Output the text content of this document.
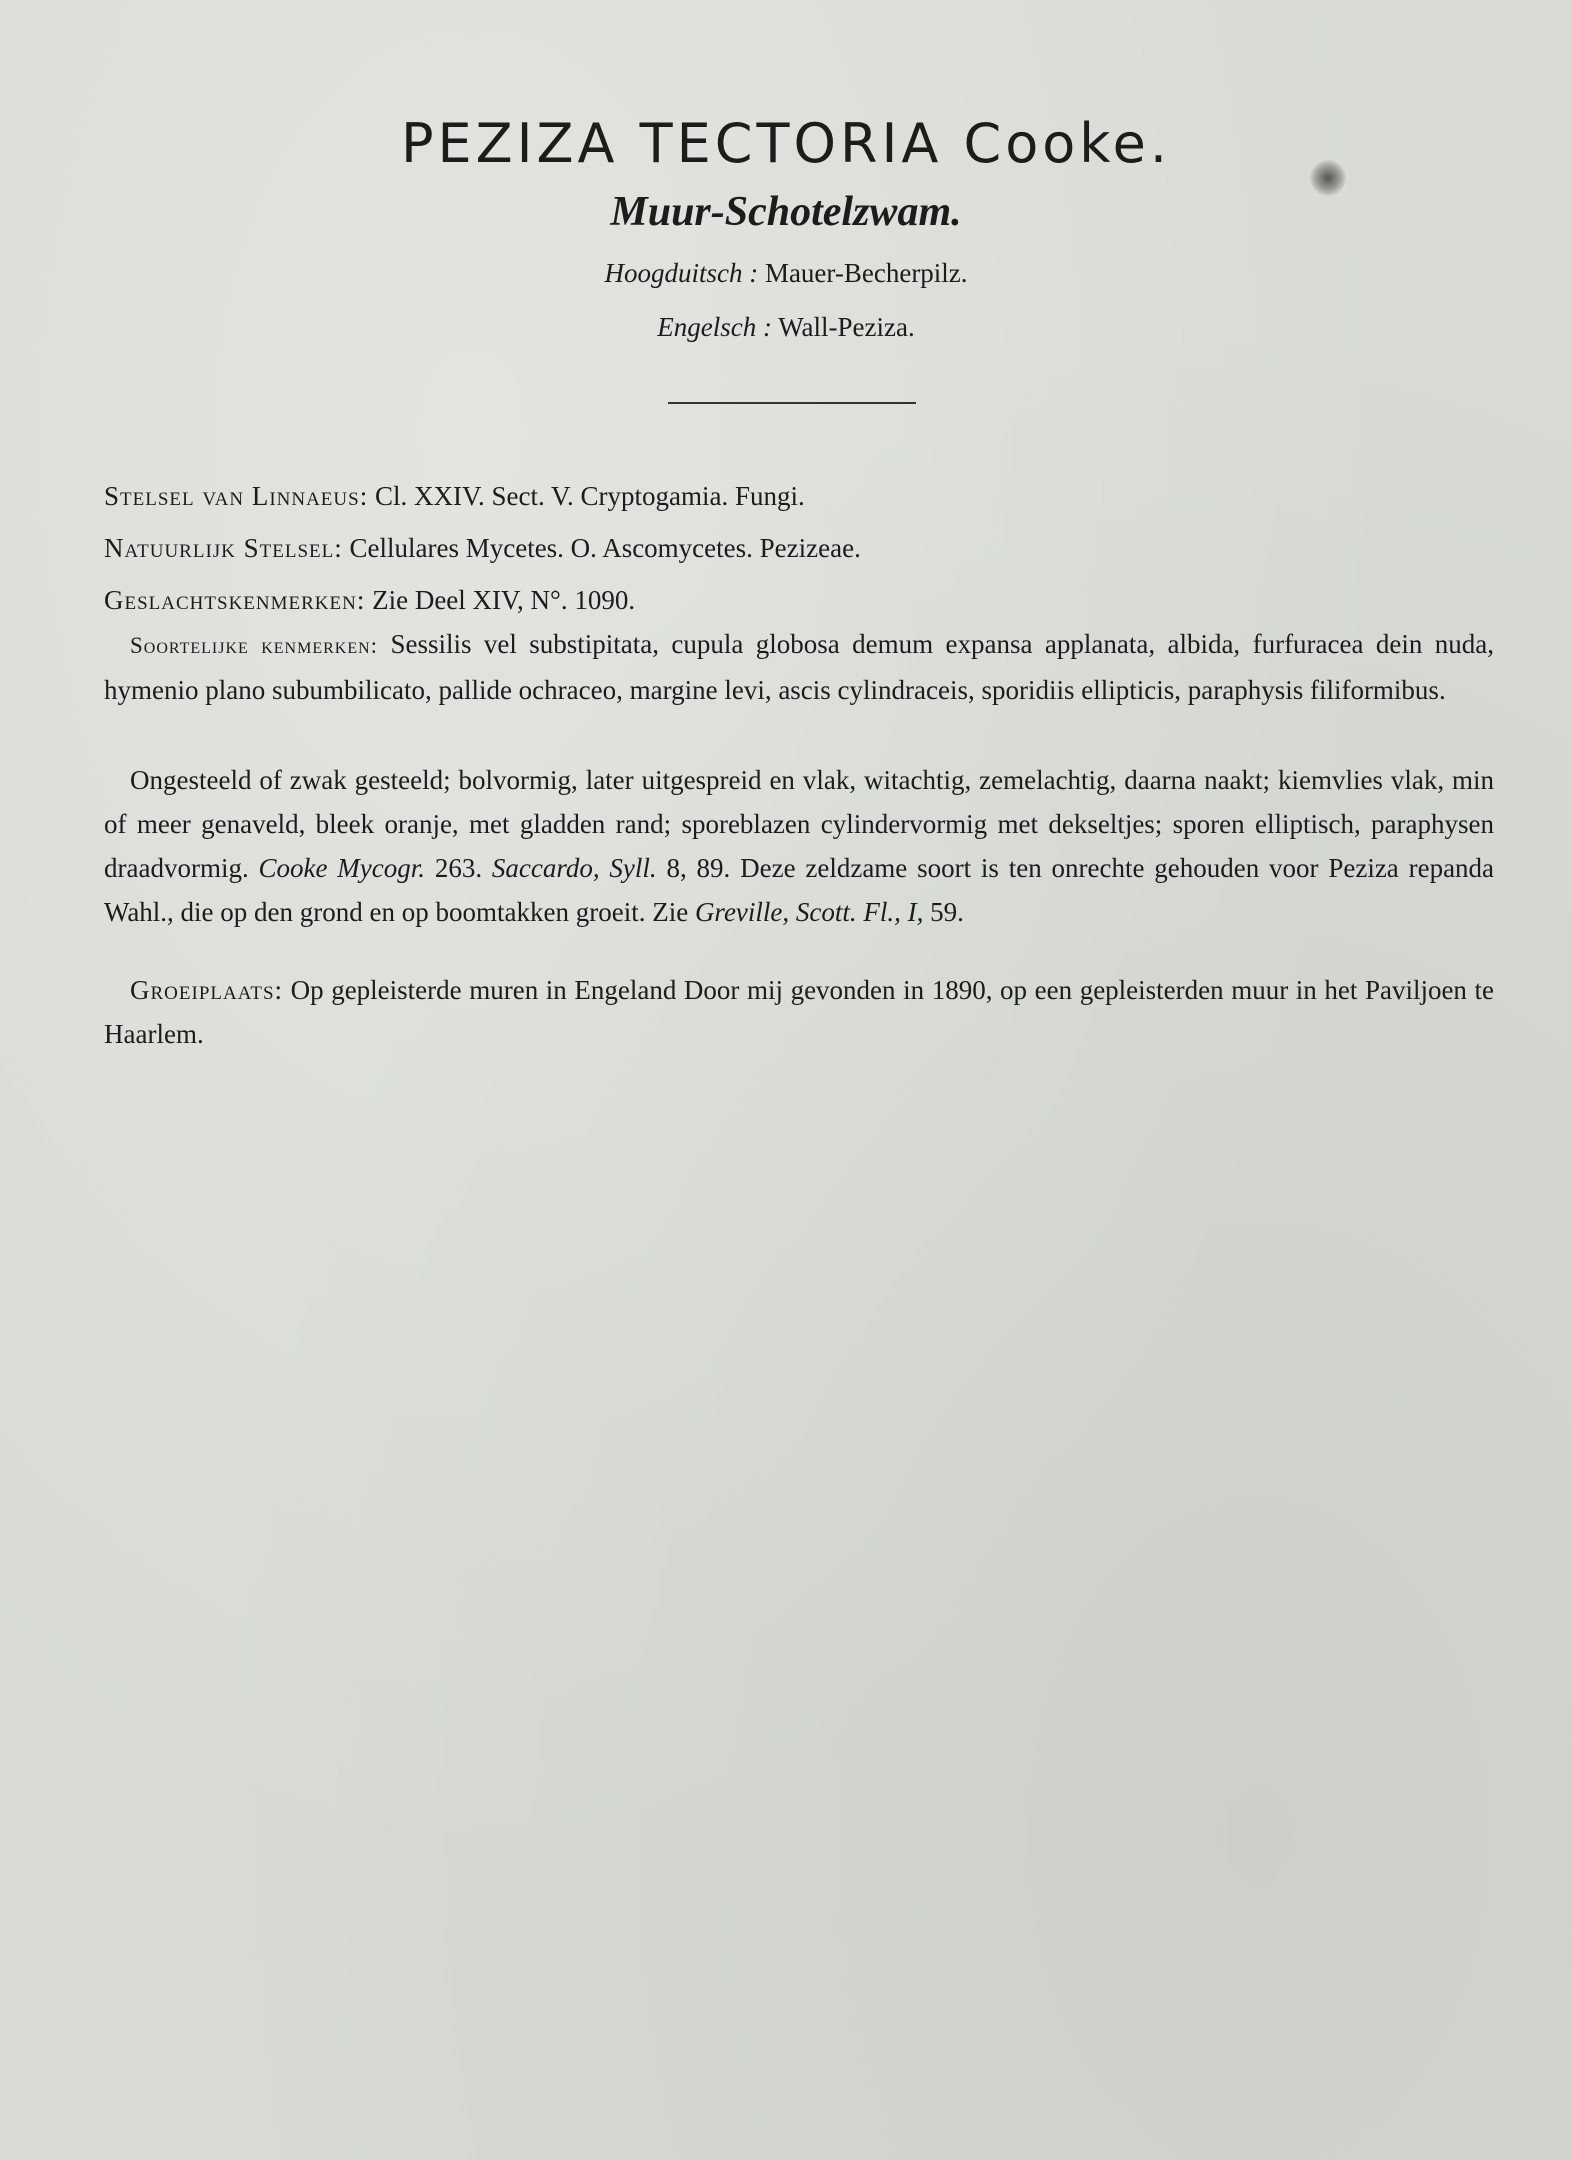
PEZIZA TECTORIA Cooke.
Muur-Schotelzwam.
Hoogduitsch : Mauer-Becherpilz.
Engelsch : Wall-Peziza.
Stelsel van Linnaeus: Cl. XXIV. Sect. V. Cryptogamia. Fungi.
Natuurlijk Stelsel: Cellulares Mycetes. O. Ascomycetes. Pezizeae.
Geslachtskenmerken: Zie Deel XIV, N°. 1090.
Soortelijke kenmerken: Sessilis vel substipitata, cupula globosa demum expansa applanata, albida, furfuracea dein nuda, hymenio plano subumbilicato, pallide ochraceo, margine levi, ascis cylindraceis, sporidiis ellipticis, paraphysis filiformibus.
Ongesteeld of zwak gesteeld; bolvormig, later uitgespreid en vlak, witachtig, zemelachtig, daarna naakt; kiemvlies vlak, min of meer genaveld, bleek oranje, met gladden rand; sporeblazen cylindervormig met dekseltjes; sporen elliptisch, paraphysen draadvormig. Cooke Mycogr. 263. Saccardo, Syll. 8, 89. Deze zeldzame soort is ten onrechte gehouden voor Peziza repanda Wahl., die op den grond en op boomtakken groeit. Zie Greville, Scott. Fl., I, 59.
Groeiplaats: Op gepleisterde muren in Engeland Door mij gevonden in 1890, op een gepleisterden muur in het Paviljoen te Haarlem.
